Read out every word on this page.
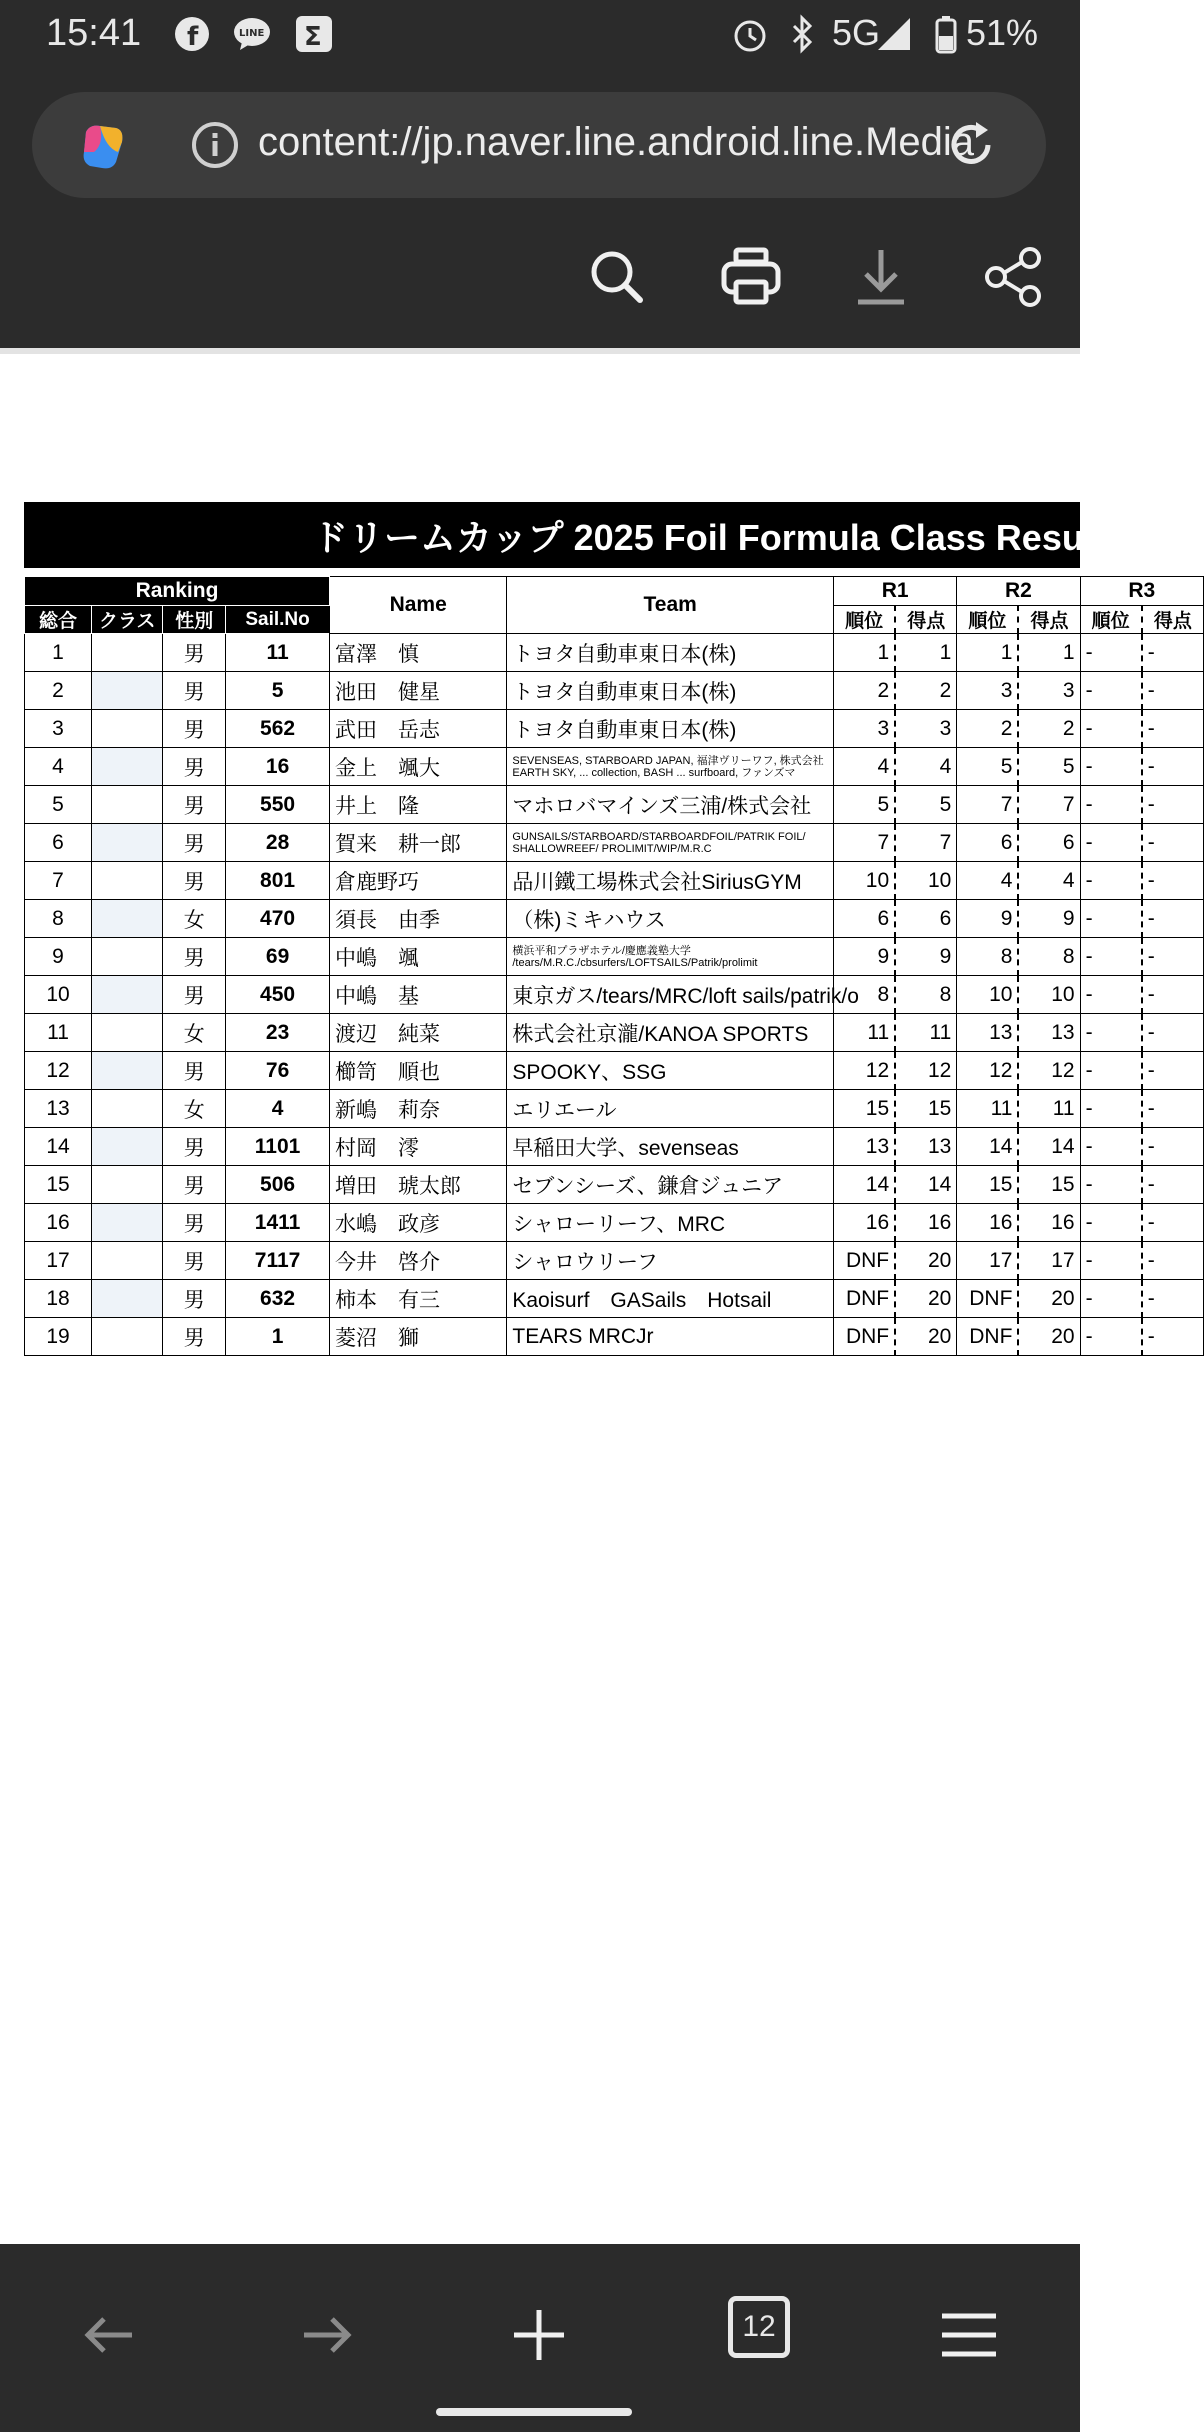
15:41 f	LINE Σ	5G 51%
content://jp.naver.line.android.line.Media
ドリームカップ 2025 Foil Formula Class Results
Ranking				Name	Team	R1		R2		R3	
総合	クラス	性別	Sail.No			順位	得点	順位	得点	順位	得点
1		男	11	富澤　慎	トヨタ自動車東日本(株)	1	1	1	1	-	-
2		男	5	池田　健星	トヨタ自動車東日本(株)	2	2	3	3	-	-
3		男	562	武田　岳志	トヨタ自動車東日本(株)	3	3	2	2	-	-
4		男	16	金上　颯大	SEVENSEAS, STARBOARD JAPAN, 福津ヴリーワフ, 株式会社EARTH SKY, ... collection, BASH ... surfboard, ファンズマ	4	4	5	5	-	-
5		男	550	井上　隆	マホロバマインズ三浦/株式会社	5	5	7	7	-	-
6		男	28	賀来　耕一郎	GUNSAILS/STARBOARD/STARBOARDFOIL/PATRIK FOIL/ SHALLOWREEF/ PROLIMIT/WIP/M.R.C	7	7	6	6	-	-
7		男	801	倉鹿野巧	品川鐵工場株式会社SiriusGYM	10	10	4	4	-	-
8		女	470	須長　由季	（株)ミキハウス	6	6	9	9	-	-
9		男	69	中嶋　颯	横浜平和プラザホテル/慶應義塾大学 /tears/M.R.C./cbsurfers/LOFTSAILS/Patrik/prolimit	9	9	8	8	-	-
10		男	450	中嶋　基	東京ガス/tears/MRC/loft sails/patrik/o	8	8	10	10	-	-
11		女	23	渡辺　純菜	株式会社京瀧/KANOA SPORTS	11	11	13	13	-	-
12		男	76	櫛笥　順也	SPOOKY、SSG	12	12	12	12	-	-
13		女	4	新嶋　莉奈	エリエール	15	15	11	11	-	-
14		男	1101	村岡　澪	早稲田大学、sevenseas	13	13	14	14	-	-
15		男	506	増田　琥太郎	セブンシーズ、鎌倉ジュニア	14	14	15	15	-	-
16		男	1411	水嶋　政彦	シャローリーフ、MRC	16	16	16	16	-	-
17		男	7117	今井　啓介	シャロウリーフ	DNF	20	17	17	-	-
18		男	632	柿本　有三	Kaoisurf　GASails　Hotsail	DNF	20	DNF	20	-	-
19		男	1	菱沼　獅	TEARS MRCJr	DNF	20	DNF	20	-	-
12
